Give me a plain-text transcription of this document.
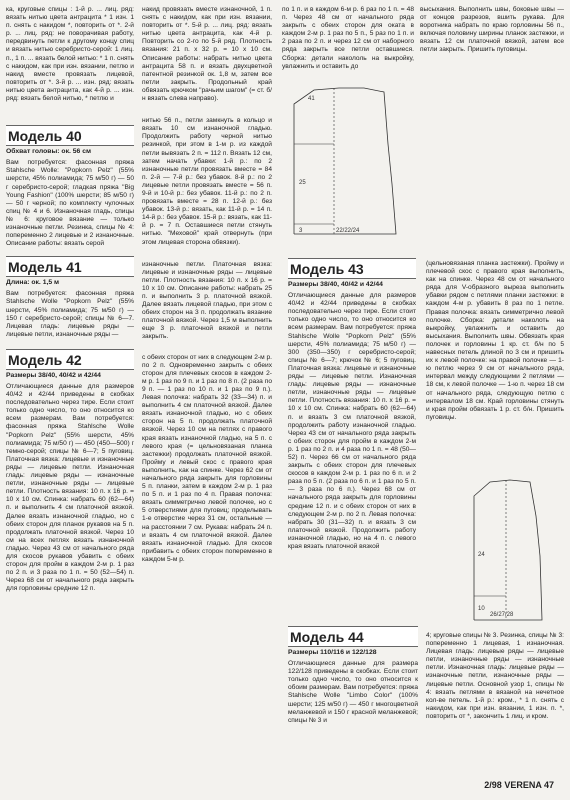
ка, круговые спицы : 1-й р. ... лиц. ряд: вязать нитью цвета антрацита * 1 изн. 1 п. снять с накидом *, повторить от *. 2-й р. ... лиц. ряд: не поворачивая работу, передвинуть петли к другому концу спиц и вязать нитью серебристо-серой: 1 лиц. п., 1 п. ... вязать белой нитью: * 1 п. снять с накидом, как при изн. вязании, петлю и накид вместе провязать лицевой, повторить от *. 3-й р. ... изн. ряд: вязать нитью цвета антрацита, как 4-й р. ... изн. ряд: вязать белой нитью, * петлю и

Модель 40
Обхват головы: ок. 56 см

Вам потребуется: фасонная пряжа Stahlsche Wolle: "Popkorn Pelz" (55% шерсти, 45% полиамида; 75 м/50 г) — 50 г серебристо-серой; гладкая пряжа "Big Young Fashion" (100% шерсти; 85 м/50 г) — 50 г черной; по комплекту чулочных спиц № 4 и 6. Изнаночная гладь, спицы № 6: круговое вязание — только изнаночные петли. Резинка, спицы № 4: попеременно 2 лицевые и 2 изнаночные. Описание работы: вязать серой

Модель 41
Длина: ок. 1,5 м

Вам потребуется: фасонная пряжа Stahlsche Wolle "Popkorn Pelz" (55% шерсти, 45% полиамида; 75 м/50 г) — 150 г серебристо-серой; спицы № 6—7. Лицевая гладь: лицевые ряды — лицевые петли, изнаночные ряды —

Модель 42
Размеры 38/40, 40/42 и 42/44

Отличающиеся данные для размеров 40/42 и 42/44 приведены в скобках последовательно через тире. Если стоит только одно число, то оно относится ко всем размерам. Вам потребуется: фасонная пряжа Stahlsche Wolle "Popkorn Pelz" (55% шерсти, 45% полиамида; 75 м/50 г) — 450 (450—500) г темно-серой; спицы № 6—7; 5 пуговиц. Платочная вязка: лицевые и изнаночные ряды — лицевые петли. Изнаночная гладь: лицевые ряды — изнаночные петли, изнаночные ряды — лицевые петли. Плотность вязания: 10 п. х 16 р. = 10 х 10 см. Спинка: набрать 60 (62—64) п. и выполнить 4 см платочной вязкой. Далее вязать изнаночной гладью, но с обеих сторон для планок рукавов на 5 п. продолжать платочной вязкой. Через 10 см на всех петлях вязать изнаночной гладью. Через 43 см от начального ряда для скосов рукавов убавить с обеих сторон для пройм в каждом 2-м р. 1 раз по 2 п. и 3 раза по 1 п. = 50 (52—54) п. Через 68 см от начального ряда закрыть для горловины средние 12 п.

накид провязать вместе изнаночной, 1 п. снять с накидом, как при изн. вязании, повторить от *. 5-й р. ... лиц. ряд: вязать нитью цвета антрацита, как 4-й р. Повторить со 2-го по 5-й ряд. Плотность вязания: 21 п. х 32 р. = 10 х 10 см. Описание работы: набрать нитью цвета антрацита 58 п. и вязать двухцветной патентной резинкой ок. 1,8 м, затем все петли закрыть. Продольный край обвязать крючком "рачьим шагом" (= ст. б/н вязать слева направо).

нитью 56 п., петли замкнуть в кольцо и вязать 10 см изнаночной гладью. Продолжить работу черной нитью резинкой, при этом в 1-м р. из каждой петли вывязать 2 п. = 112 п. Вязать 12 см, затем начать убавки: 1-й р.: по 2 изнаночные петли провязать вместе = 84 п. 2-й — 7-й р.: без убавок. 8-й р.: по 2 лицевые петли провязать вместе = 56 п. 9-й и 10-й р.: без убавок. 11-й р.: по 2 п. провязать вместе = 28 п. 12-й р.: без убавок. 13-й р.: вязать, как 11-й р. = 14 п. 14-й р.: без убавок. 15-й р.: вязать, как 11-й р. = 7 п. Оставшиеся петли стянуть нитью. "Меховой" край отвернуть (при этом лицевая сторона обвязки).

изнаночные петли. Платочная вязка: лицевые и изнаночные ряды — лицевые петли. Плотность вязания: 10 п. х 16 р. = 10 х 10 см. Описание работы: набрать 25 п. и выполнить 3 р. платочной вязкой. Далее вязать лицевой гладью, при этом с обеих сторон на 3 п. продолжать вязание платочной вязкой. Через 1,5 м выполнить еще 3 р. платочной вязкой и петли закрыть.

с обеих сторон от них в следующем 2-м р. по 2 п. Одновременно закрыть с обеих сторон для плечевых скосов в каждом 2-м р. 1 раз по 9 п. и 1 раз по 8 п. (2 раза по 9 п. — 1 раз по 10 п. и 1 раз по 9 п.). Левая полочка: набрать 32 (33—34) п. и выполнить 4 см платочной вязкой. Далее вязать изнаночной гладью, но с обеих сторон на 5 п. продолжать платочной вязкой. Через 10 см на петлях с правого края вязать изнаночной гладью, на 5 п. с левого края (= цельновязаная планка застежки) продолжать платочной вязкой. Пройму и левый скос с правого края выполнить, как на спинке. Через 62 см от начального ряда закрыть для горловины 5 п. планки, затем в каждом 2-м р. 1 раз по 5 п. и 1 раз по 4 п. Правая полочка: вязать симметрично левой полочке, но с 5 отверстиями для пуговиц; проделывать 1-е отверстие через 31 см, остальные — на расстоянии 7 см. Рукава: набрать 24 п. и вязать 4 см платочной вязкой. Далее вязать изнаночной гладью. Для скосов прибавить с обеих сторон попеременно в каждом 5-м р.

по 1 п. и в каждом 6-м р. 6 раз по 1 п. = 48 п. Через 48 см от начального ряда закрыть с обеих сторон для оката в каждом 2-м р. 1 раз по 5 п., 5 раз по 1 п. и 2 раза по 2 п. и через 12 см от наборного ряда закрыть все петли оставшиеся. Сборка: детали накололь на выкройку, увлажнить и оставить до

высыхания. Выполнить швы, боковые швы — от концов разрезов, вшить рукава. Для воротника набрать по краю горловины 56 п., включая половину ширины планок застежки, и вязать 12 см платочной вязкой, затем все петли закрыть. Пришить пуговицы.

41
25
3	22/22/24
Модель 43
Размеры 38/40, 40/42 и 42/44

Отличающиеся данные для размеров 40/42 и 42/44 приведены в скобках последовательно через тире. Если стоит только одно число, то оно относится ко всем размерам. Вам потребуется: пряжа Stahlsche Wolle "Popkorn Pelz" (55% шерсти, 45% полиамида; 75 м/50 г) — 300 (350—350) г серебристо-серой; спицы № 6—7; крючок № 6; 5 пуговиц. Платочная вязка: лицевые и изнаночные ряды — лицевые петли. Изнаночная гладь: лицевые ряды — изнаночные петли, изнаночные ряды — лицевые петли. Плотность вязания: 10 п. х 16 р. = 10 х 10 см. Спинка: набрать 60 (62—64) п. и вязать 3 см платочной вязкой, продолжить работу изнаночной гладью. Через 43 см от начального ряда закрыть с обеих сторон для пройм в каждом 2-м р. 1 раз по 2 п. и 4 раза по 1 п. = 48 (50—52) п. Через 66 см от начального ряда закрыть с обеих сторон для плечевых скосов в каждом 2-м р. 1 раз по 6 п. и 2 раза по 5 п. (2 раза по 6 п. и 1 раз по 5 п. — 3 раза по 6 п.). Через 68 см от начального ряда закрыть для горловины средние 12 п. и с обеих сторон от них в следующем 2-м р. по 2 п. Левая полочка: набрать 30 (31—32) п. и вязать 3 см платочной вязкой. Продолжить работу изнаночной гладью, но на 4 п. с левого края вязать платочной вязкой

(цельновязаная планка застежки). Пройму и плечевой скос с правого края выполнить, как на спинке. Через 48 см от начального ряда для V-образного выреза выполнить убавки рядом с петлями планки застежки: в каждом 4-м р. убавить 8 раз по 1 петле. Правая полочка: вязать симметрично левой полочке. Сборка: детали наколоть на выкройку, увлажнить и оставить до высыхания. Выполнить швы. Обвязать края полочек и горловины 1 кр. ст. б/н по 5 навесных петель длиной по 3 см и пришить их к левой полочке: на правой полочке — 1-ю петлю через 9 см от начального ряда, интервал между следующими 2 петлями — 18 см, к левой полочке — 1-ю п. через 18 см от начального ряда, следующую петлю с интервалом 18 см. Край горловины стянуть и края пройм обвязать 1 р. ст. б/н. Пришить пуговицы.

24
10
26/27/28
Модель 44
Размеры 110/116 и 122/128

Отличающиеся данные для размера 122/128 приведены в скобках. Если стоит только одно число, то оно относится к обоим размерам. Вам потребуется: пряжа Stahlsche Wolle "Limbo Color" (100% шерсти; 125 м/50 г) — 450 г многоцветной меланжевой и 150 г красной меланжевой; спицы № 3 и

4; круговые спицы № 3. Резинка, спицы № 3: попеременно 1 лицевая, 1 изнаночная. Лицевая гладь: лицевые ряды — лицевые петли, изнаночные ряды — изнаночные петли. Изнаночная гладь: лицевые ряды — изнаночные петли, изнаночные ряды — лицевые петли. Основной узор 1, спицы № 4: вязать петлями в вязаной на нечетное кол-ве петель. 1-й р.: кром., * 1 п. снять с накидом, как при изн. вязании, 1 изн. п. *, повторить от *, закончить 1 лиц. и кром.

2/98 VERENA 47
